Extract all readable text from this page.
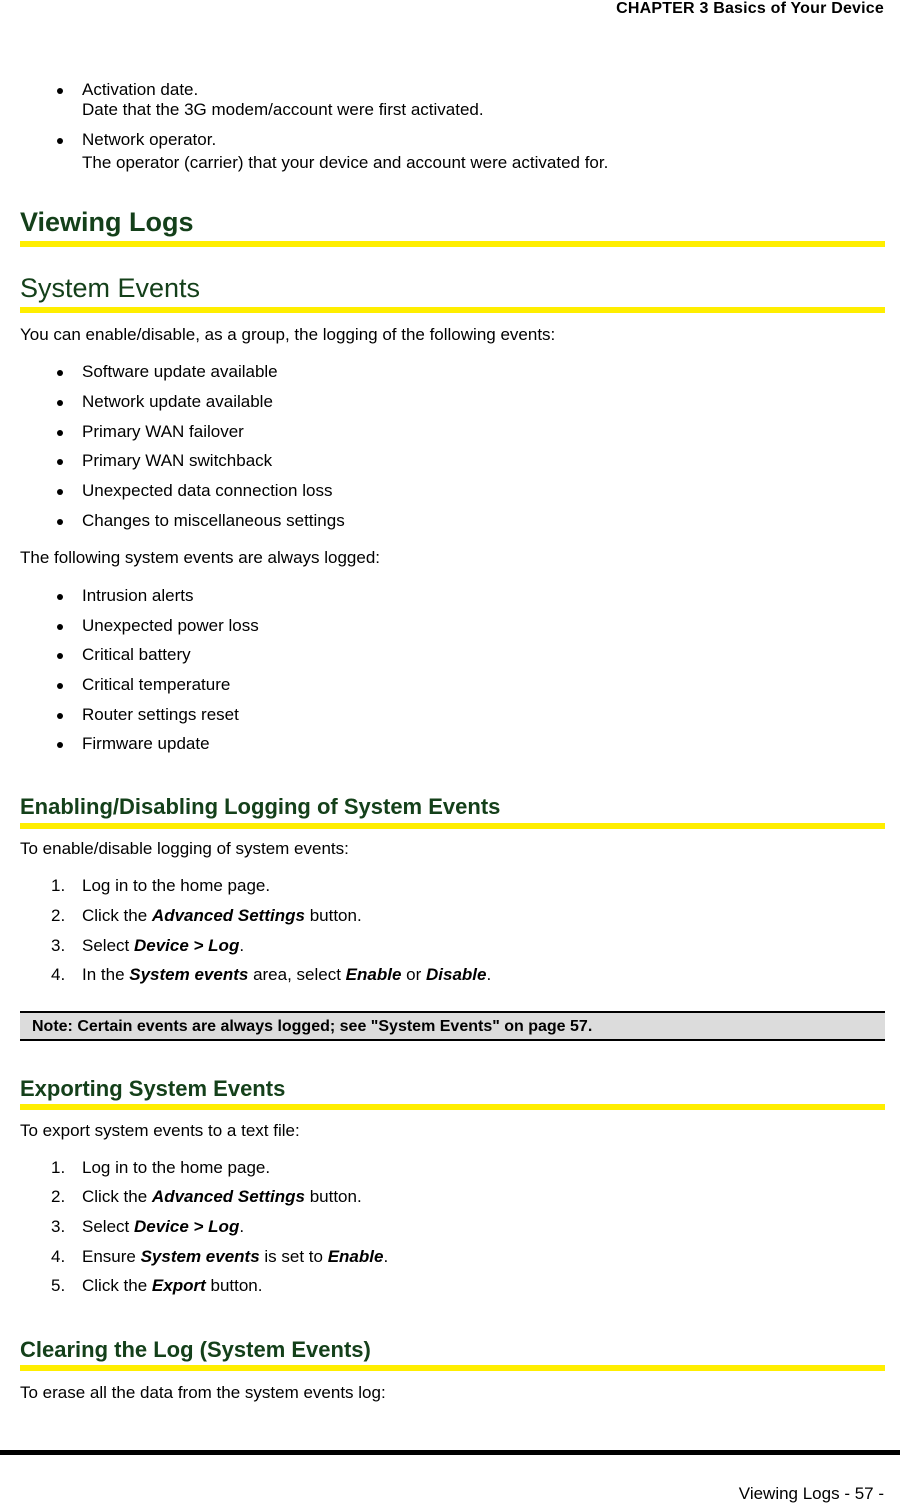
CHAPTER 3 Basics of Your Device
Activation date.
Date that the 3G modem/account were first activated.
Network operator.
The operator (carrier) that your device and account were activated for.
Viewing Logs
System Events
You can enable/disable, as a group, the logging of the following events:
Software update available
Network update available
Primary WAN failover
Primary WAN switchback
Unexpected data connection loss
Changes to miscellaneous settings
The following system events are always logged:
Intrusion alerts
Unexpected power loss
Critical battery
Critical temperature
Router settings reset
Firmware update
Enabling/Disabling Logging of System Events
To enable/disable logging of system events:
1. Log in to the home page.
2. Click the Advanced Settings button.
3. Select Device > Log.
4. In the System events area, select Enable or Disable.
Note: Certain events are always logged; see "System Events" on page 57.
Exporting System Events
To export system events to a text file:
1. Log in to the home page.
2. Click the Advanced Settings button.
3. Select Device > Log.
4. Ensure System events is set to Enable.
5. Click the Export button.
Clearing the Log (System Events)
To erase all the data from the system events log:
Viewing Logs - 57 -
